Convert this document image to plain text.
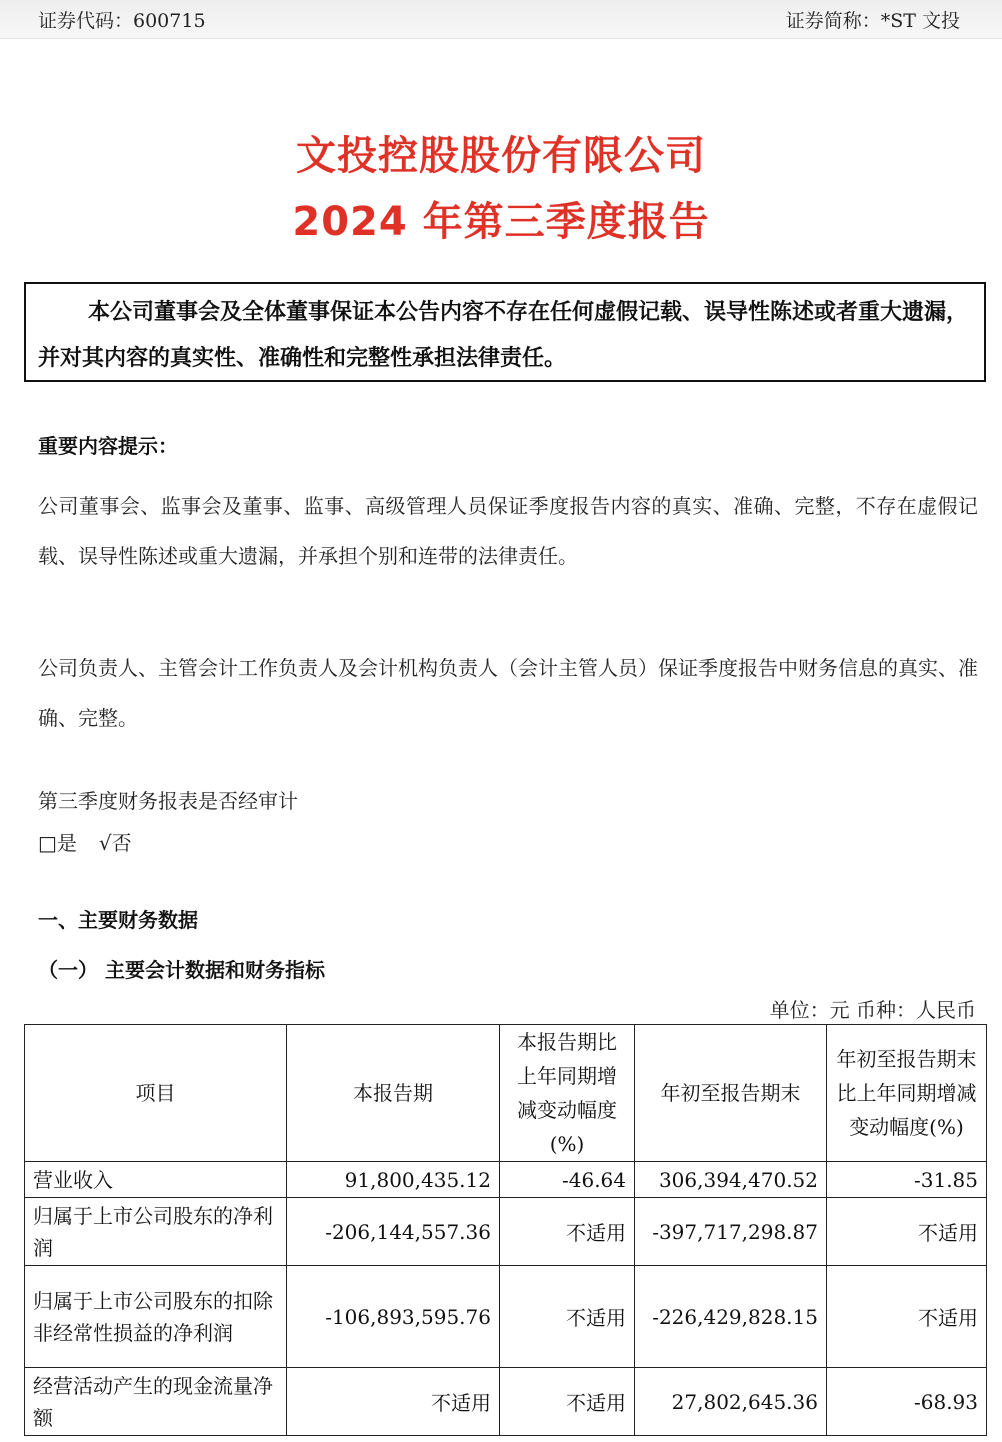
证券代码：600715	证券简称：*ST 文投
文投控股股份有限公司
2024 年第三季度报告
本公司董事会及全体董事保证本公告内容不存在任何虚假记载、误导性陈述或者重大遗漏，并对其内容的真实性、准确性和完整性承担法律责任。
重要内容提示：
公司董事会、监事会及董事、监事、高级管理人员保证季度报告内容的真实、准确、完整，不存在虚假记载、误导性陈述或重大遗漏，并承担个别和连带的法律责任。
公司负责人、主管会计工作负责人及会计机构负责人（会计主管人员）保证季度报告中财务信息的真实、准确、完整。
第三季度财务报表是否经审计
□是 √否
一、主要财务数据
（一） 主要会计数据和财务指标
单位：元 币种：人民币
项目	本报告期	本报告期比上年同期增减变动幅度(%)	年初至报告期末	年初至报告期末比上年同期增减变动幅度(%)
营业收入	91,800,435.12	-46.64	306,394,470.52	-31.85
归属于上市公司股东的净利润	-206,144,557.36	不适用	-397,717,298.87	不适用
归属于上市公司股东的扣除非经常性损益的净利润	-106,893,595.76	不适用	-226,429,828.15	不适用
经营活动产生的现金流量净额	不适用	不适用	27,802,645.36	-68.93
